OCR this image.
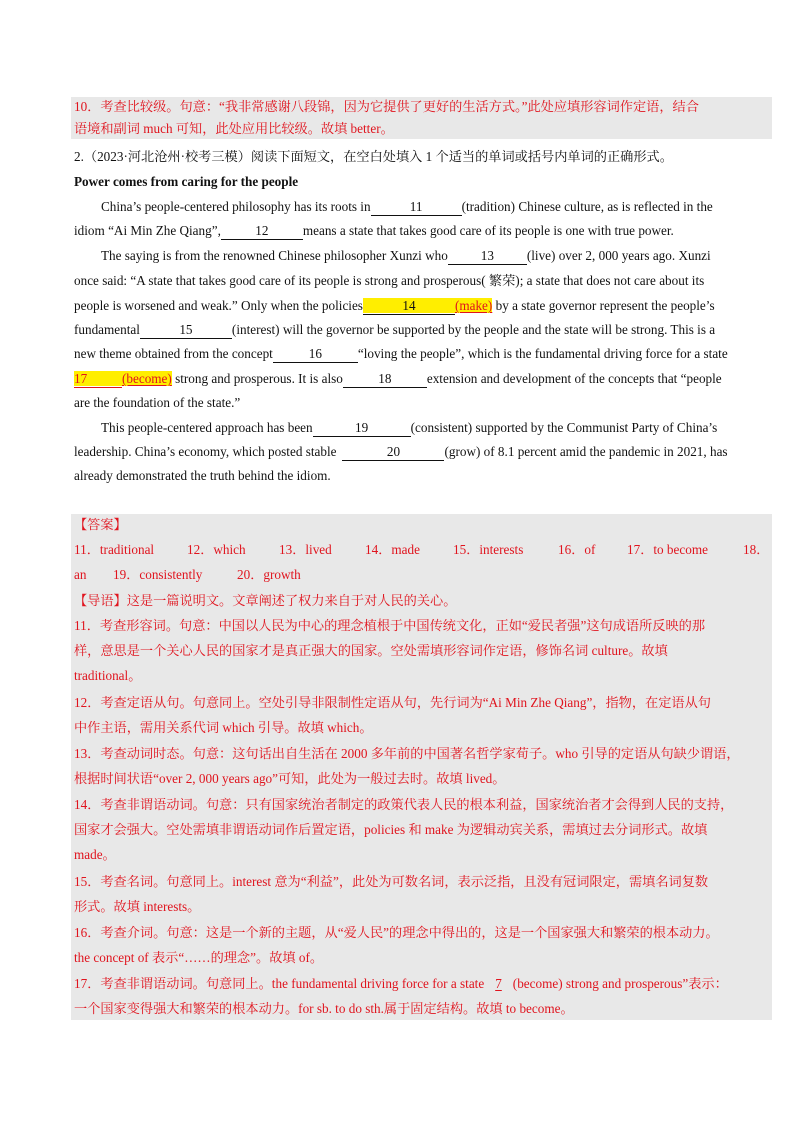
10．考查比较级。句意：“我非常感谢八段锦，因为它提供了更好的生活方式。”此处应填形容词作定语，结合
语境和副词 much 可知，此处应用比较级。故填 better。
2.（2023·河北沧州·校考三模）阅读下面短文，在空白处填入 1 个适当的单词或括号内单词的正确形式。
Power comes from caring for the people
China’s people-centered philosophy has its roots in	11	(tradition) Chinese culture, as is reflected in the
idiom “Ai Min Zhe Qiang”,	12	means a state that takes good care of its people is one with true power.
The saying is from the renowned Chinese philosopher Xunzi who 13 (live) over 2, 000 years ago. Xunzi
once said: “A state that takes good care of its people is strong and prosperous( 繁荣); a state that does not care about its
people is worsened and weak.” Only when the policies	14	(make) by a state governor represent the people’s
fundamental	15	(interest) will the governor be supported by the people and the state will be strong. This is a
new theme obtained from the concept	16	“loving the people”, which is the fundamental driving force for a state
17	(become) strong and prosperous. It is also	18	extension and development of the concepts that “people
are the foundation of the state.”
This people-centered approach has been	19	(consistent) supported by the Communist Party of China’s
leadership. China’s economy, which posted stable	20	(grow) of 8.1 percent amid the pandemic in 2021, has
already demonstrated the truth behind the idiom.
【答案】
11．traditional 12．which	13．lived	14．made	15．interests	16．of 17．to become	18．
an 19．consistently	20．growth
【导语】这是一篇说明文。文章阐述了权力来自于对人民的关心。
11．考查形容词。句意：中国以人民为中心的理念植根于中国传统文化，正如“爱民者强”这句成语所反映的那
样，意思是一个关心人民的国家才是真正强大的国家。空处需填形容词作定语，修饰名词 culture。故填
traditional。
12．考查定语从句。句意同上。空处引导非限制性定语从句，先行词为“Ai Min Zhe Qiang”，指物，在定语从句
中作主语，需用关系代词 which 引导。故填 which。
13．考查动词时态。句意：这句话出自生活在 2000 多年前的中国著名哲学家荀子。who 引导的定语从句缺少谓语，
根据时间状语“over 2, 000 years ago”可知，此处为一般过去时。故填 lived。
14．考查非谓语动词。句意：只有国家统治者制定的政策代表人民的根本利益，国家统治者才会得到人民的支持，
国家才会强大。空处需填非谓语动词作后置定语，policies 和 make 为逻辑动宾关系，需填过去分词形式。故填
made。
15．考查名词。句意同上。interest 意为“利益”，此处为可数名词，表示泛指，且没有冠词限定，需填名词复数
形式。故填 interests。
16．考查介词。句意：这是一个新的主题，从“爱人民”的理念中得出的，这是一个国家强大和繁荣的根本动力。
the concept of 表示“……的理念”。故填 of。
17．考查非谓语动词。句意同上。the fundamental driving force for a state 7 (become) strong and prosperous”表示：
一个国家变得强大和繁荣的根本动力。for sb. to do sth.属于固定结构。故填 to become。
